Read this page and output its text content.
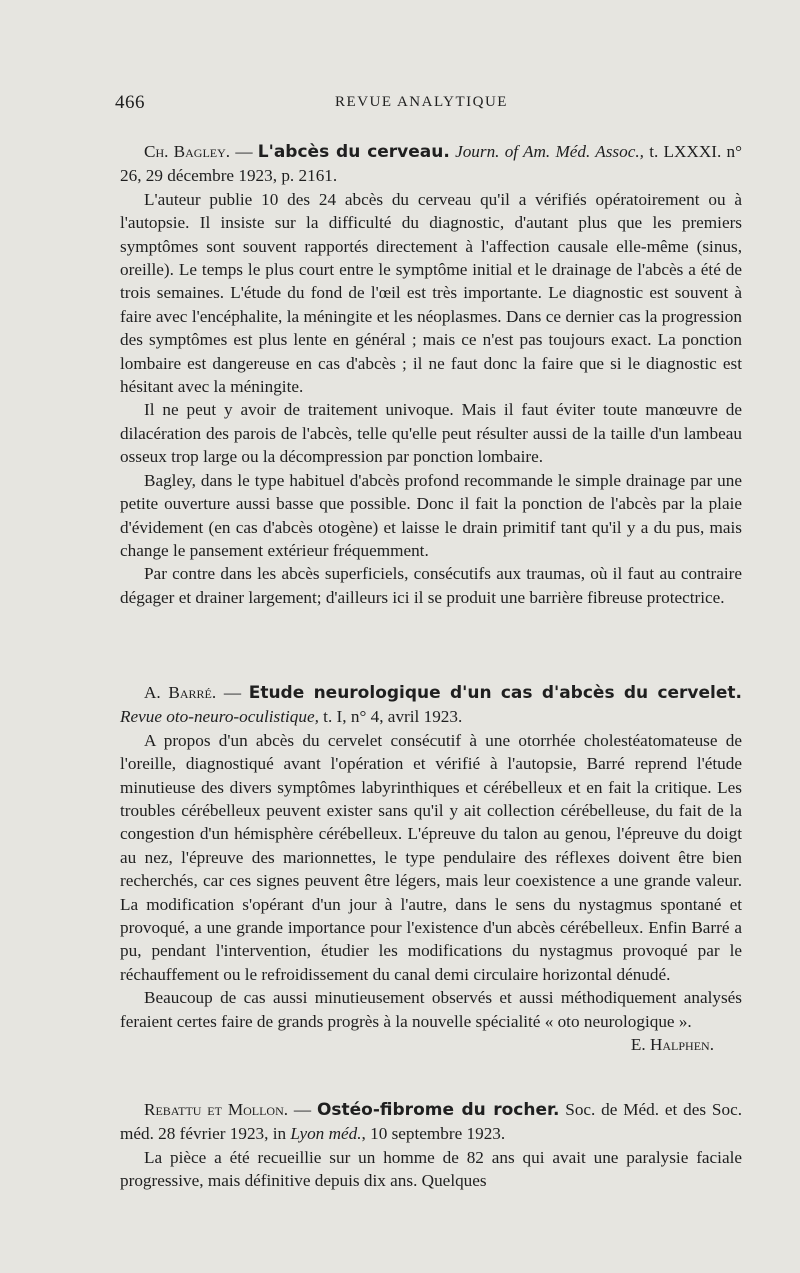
466	REVUE ANALYTIQUE

Ch. Bagley. — L'abcès du cerveau. Journ. of Am. Méd. Assoc., t. LXXXI. n° 26, 29 décembre 1923, p. 2161.

L'auteur publie 10 des 24 abcès du cerveau qu'il a vérifiés opératoirement ou à l'autopsie. Il insiste sur la difficulté du diagnostic, d'autant plus que les premiers symptômes sont souvent rapportés directement à l'affection causale elle-même (sinus, oreille). Le temps le plus court entre le symptôme initial et le drainage de l'abcès a été de trois semaines. L'étude du fond de l'œil est très importante. Le diagnostic est souvent à faire avec l'encéphalite, la méningite et les néoplasmes. Dans ce dernier cas la progression des symptômes est plus lente en général ; mais ce n'est pas toujours exact. La ponction lombaire est dangereuse en cas d'abcès ; il ne faut donc la faire que si le diagnostic est hésitant avec la méningite.

Il ne peut y avoir de traitement univoque. Mais il faut éviter toute manœuvre de dilacération des parois de l'abcès, telle qu'elle peut résulter aussi de la taille d'un lambeau osseux trop large ou la décompression par ponction lombaire.

Bagley, dans le type habituel d'abcès profond recommande le simple drainage par une petite ouverture aussi basse que possible. Donc il fait la ponction de l'abcès par la plaie d'évidement (en cas d'abcès otogène) et laisse le drain primitif tant qu'il y a du pus, mais change le pansement extérieur fréquemment.

Par contre dans les abcès superficiels, consécutifs aux traumas, où il faut au contraire dégager et drainer largement; d'ailleurs ici il se produit une barrière fibreuse protectrice.

A. Barré. — Etude neurologique d'un cas d'abcès du cervelet. Revue oto-neuro-oculistique, t. I, n° 4, avril 1923.

A propos d'un abcès du cervelet consécutif à une otorrhée cholestéatomateuse de l'oreille, diagnostiqué avant l'opération et vérifié à l'autopsie, Barré reprend l'étude minutieuse des divers symptômes labyrinthiques et cérébelleux et en fait la critique. Les troubles cérébelleux peuvent exister sans qu'il y ait collection cérébelleuse, du fait de la congestion d'un hémisphère cérébelleux. L'épreuve du talon au genou, l'épreuve du doigt au nez, l'épreuve des marionnettes, le type pendulaire des réflexes doivent être bien recherchés, car ces signes peuvent être légers, mais leur coexistence a une grande valeur. La modification s'opérant d'un jour à l'autre, dans le sens du nystagmus spontané et provoqué, a une grande importance pour l'existence d'un abcès cérébelleux. Enfin Barré a pu, pendant l'intervention, étudier les modifications du nystagmus provoqué par le réchauffement ou le refroidissement du canal demi circulaire horizontal dénudé.

Beaucoup de cas aussi minutieusement observés et aussi méthodiquement analysés feraient certes faire de grands progrès à la nouvelle spécialité « oto neurologique ».

E. Halphen.

Rebattu et Mollon. — Ostéo-fibrome du rocher. Soc. de Méd. et des Soc. méd. 28 février 1923, in Lyon méd., 10 septembre 1923.

La pièce a été recueillie sur un homme de 82 ans qui avait une paralysie faciale progressive, mais définitive depuis dix ans. Quelques
